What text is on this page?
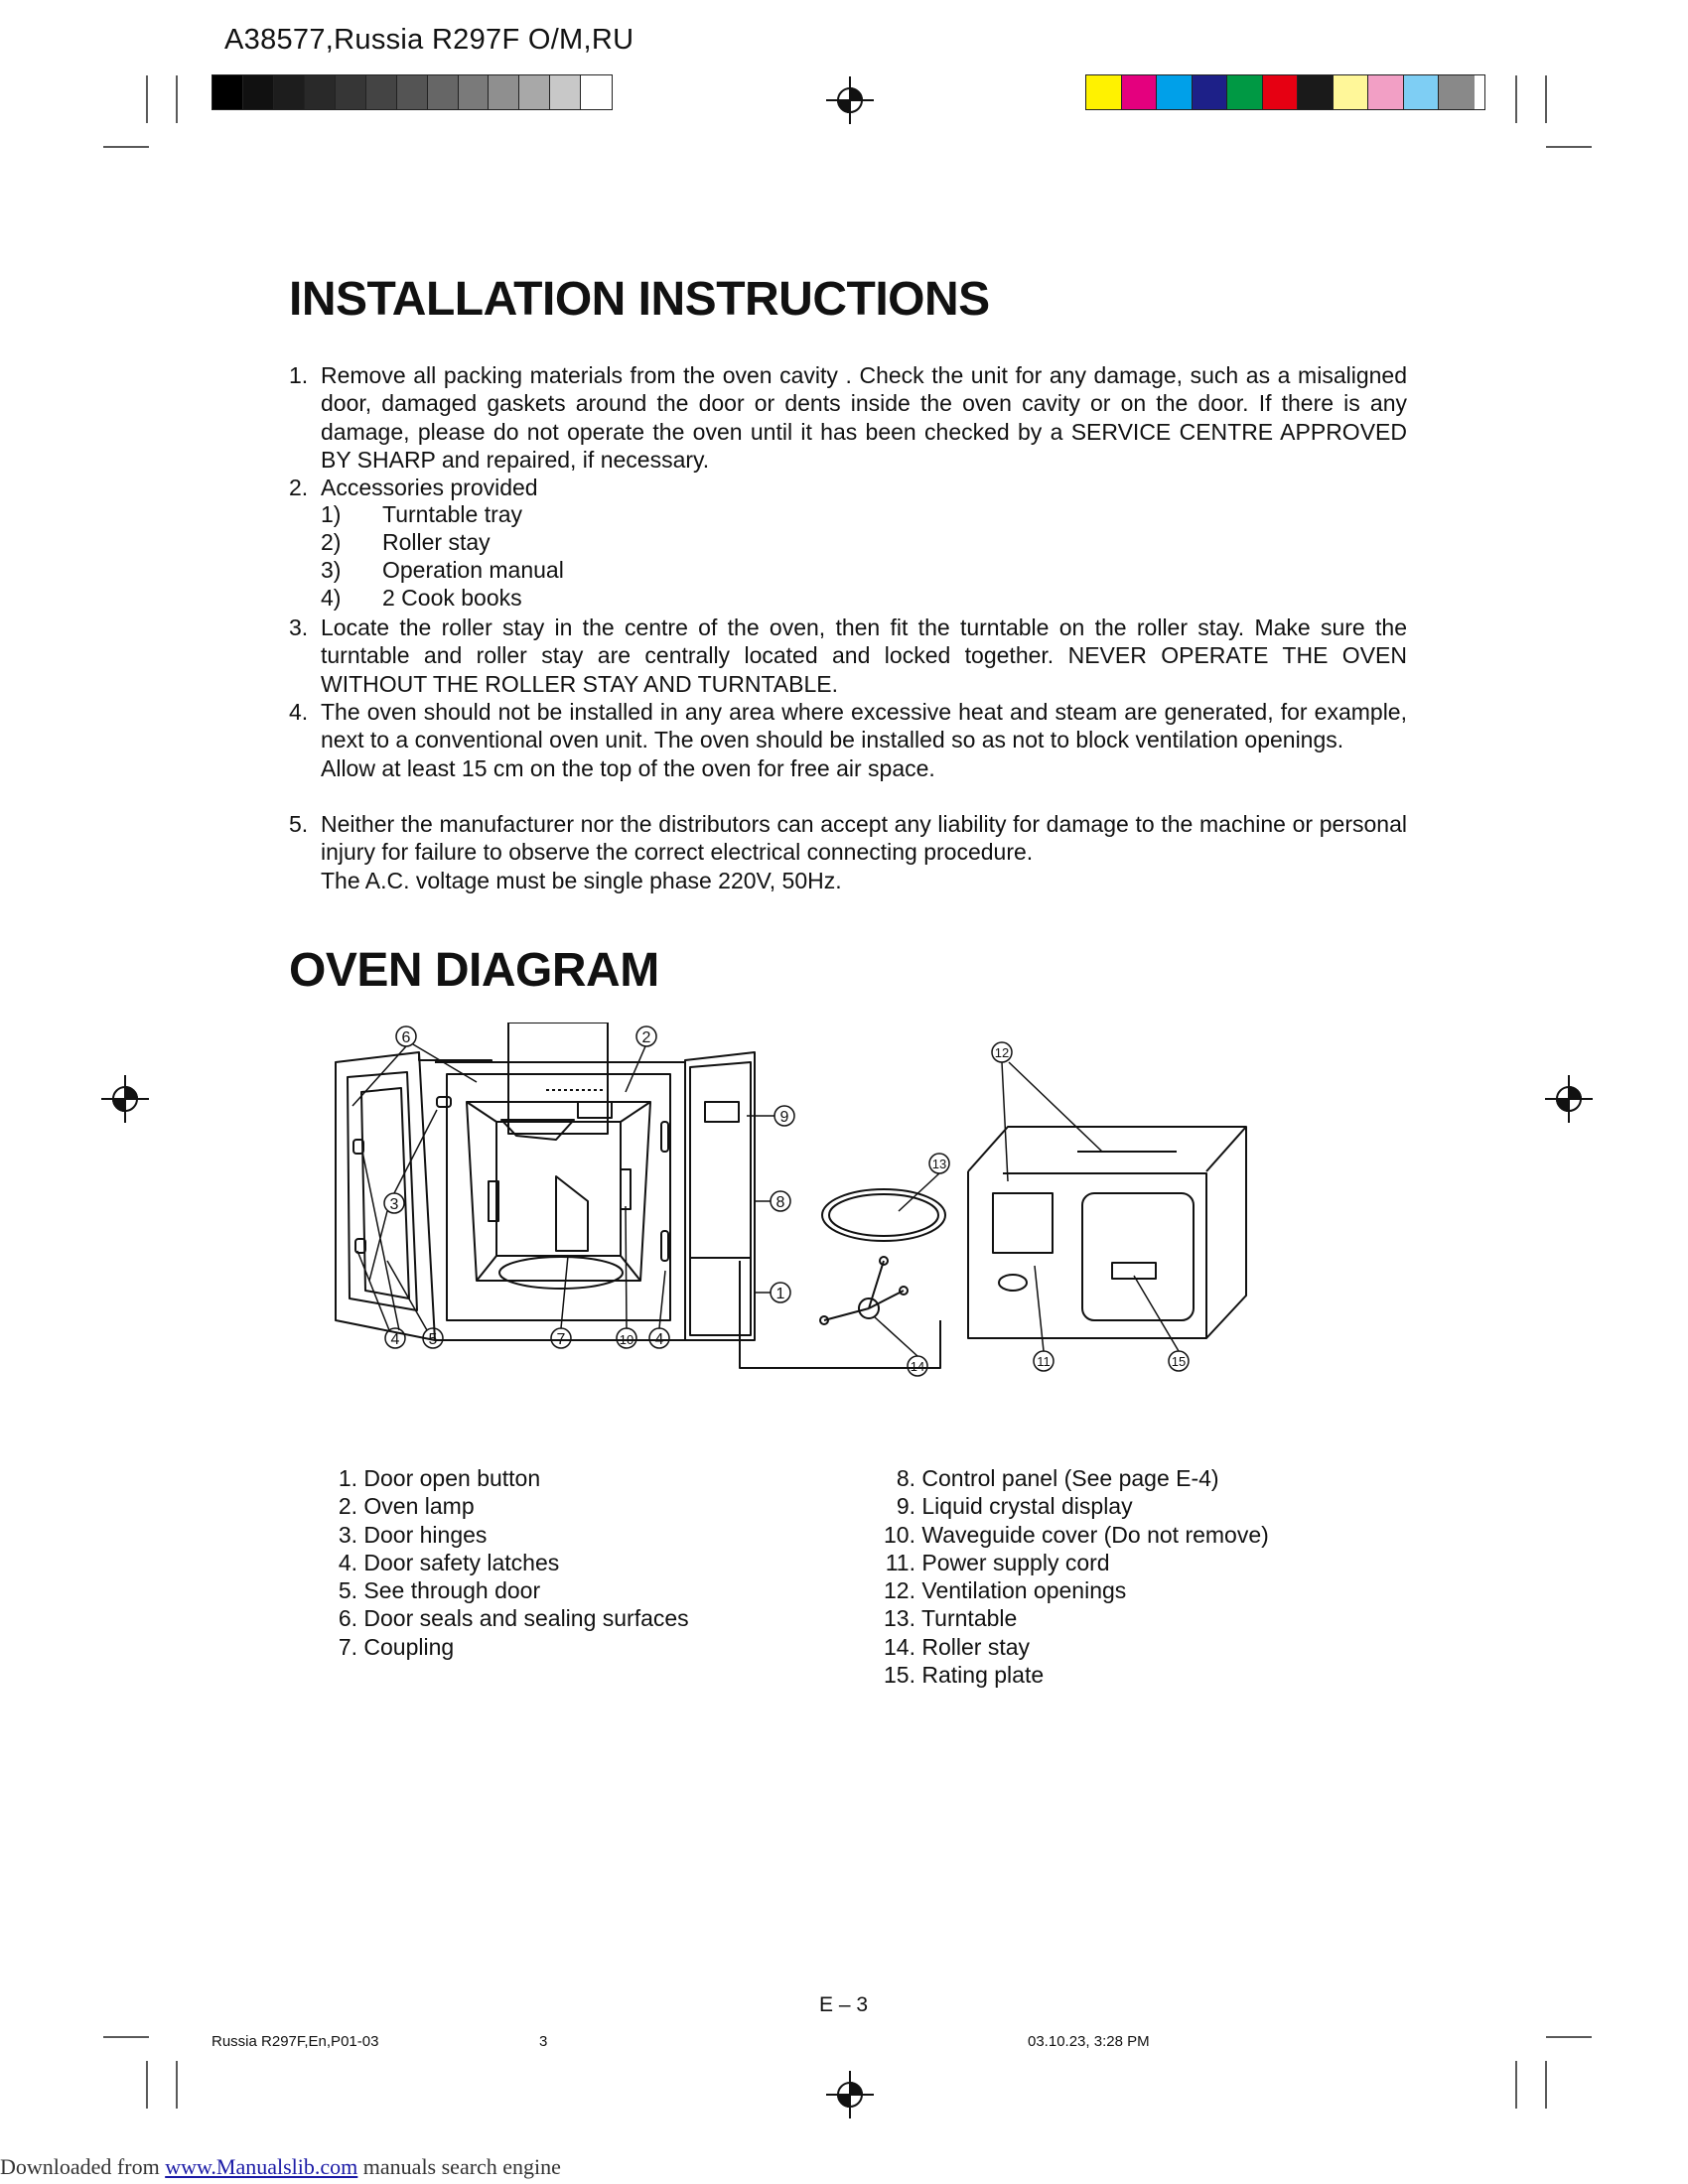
A38577,Russia R297F O/M,RU
INSTALLATION INSTRUCTIONS
1. Remove all packing materials from the oven cavity . Check the unit for any damage, such as a misaligned door, damaged gaskets around the door or dents inside the oven cavity or on the door. If there is any damage, please do not operate the oven until it has been checked by a SERVICE CENTRE APPROVED BY SHARP and repaired, if necessary.
2. Accessories provided
1) Turntable tray
2) Roller stay
3) Operation manual
4) 2 Cook books
3. Locate the roller stay in the centre of the oven, then fit the turntable on the roller stay. Make sure the turntable and roller stay are centrally located and locked together. NEVER OPERATE THE OVEN WITHOUT THE ROLLER STAY AND TURNTABLE.
4. The oven should not be installed in any area where excessive heat and steam are generated, for example, next to a conventional oven unit. The oven should be installed so as not to block ventilation openings.
Allow at least 15 cm on the top of the oven for free air space.
5. Neither the manufacturer nor the distributors can accept any liability for damage to the machine or personal injury for failure to observe the correct electrical connecting procedure.
The A.C. voltage must be single phase 220V, 50Hz.
OVEN DIAGRAM
6	2
9
8
1
3
4 5	7	10 4
13
12
14	11	15
1. Door open button
2. Oven lamp
3. Door hinges
4. Door safety latches
5. See through door
6. Door seals and sealing surfaces
7. Coupling
8. Control panel (See page E-4)
9. Liquid crystal display
10. Waveguide cover (Do not remove)
11. Power supply cord
12. Ventilation openings
13. Turntable
14. Roller stay
15. Rating plate
E – 3
Russia R297F,En,P01-03	3	03.10.23, 3:28 PM
Downloaded from www.Manualslib.com manuals search engine
